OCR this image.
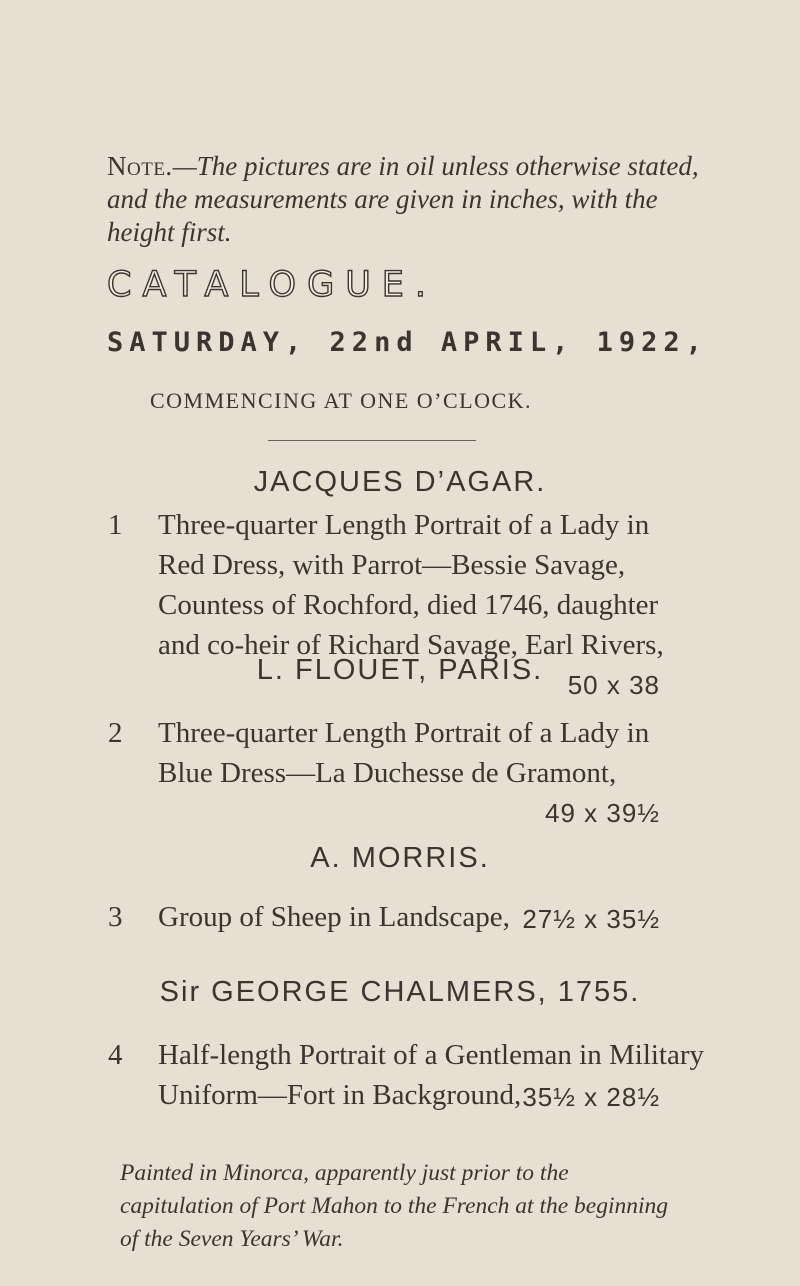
Note.—The pictures are in oil unless otherwise stated, and the measurements are given in inches, with the height first.
CATALOGUE.
SATURDAY, 22nd APRIL, 1922,
COMMENCING AT ONE O’CLOCK.
JACQUES D’AGAR.
1	Three-quarter Length Portrait of a Lady in
Red Dress, with Parrot—Bessie Savage,
Countess of Rochford, died 1746, daughter
and co-heir of Richard Savage, Earl Rivers,
50 x 38
L. FLOUET, PARIS.
2	Three-quarter Length Portrait of a Lady in
Blue Dress—La Duchesse de Gramont,
49 x 39½
A. MORRIS.
3	Group of Sheep in Landscape, 27½ x 35½
Sir GEORGE CHALMERS, 1755.
4	Half-length Portrait of a Gentleman in Military
Uniform—Fort in Background, 35½ x 28½
Painted in Minorca, apparently just prior to the capitulation of Port Mahon to the French at the beginning of the Seven Years’ War.
